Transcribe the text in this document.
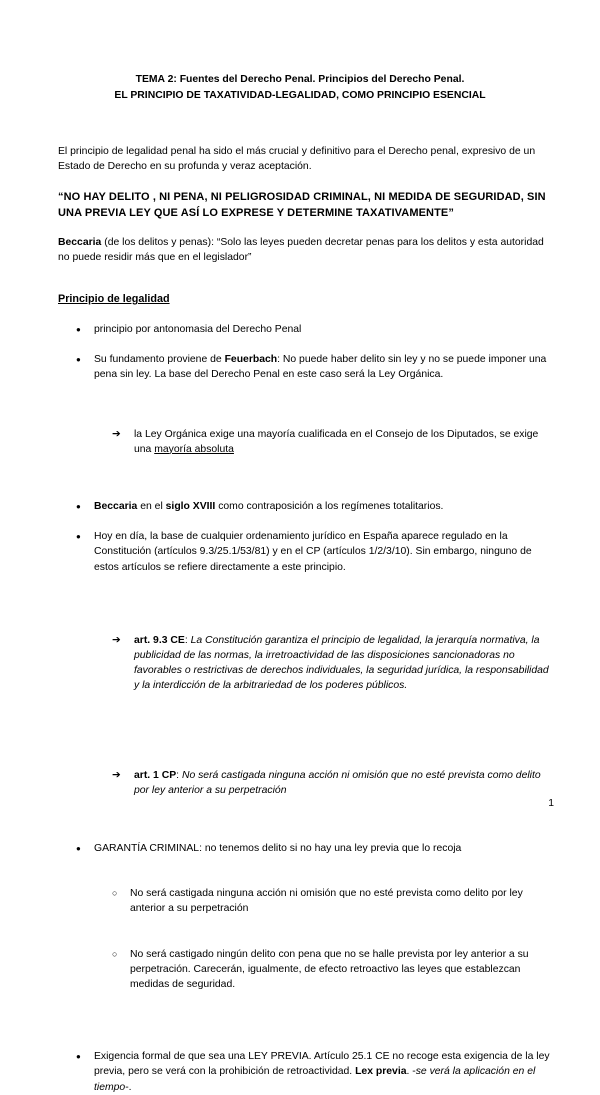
TEMA 2: Fuentes del Derecho Penal. Principios del Derecho Penal.
EL PRINCIPIO DE TAXATIVIDAD-LEGALIDAD, COMO PRINCIPIO ESENCIAL
El principio de legalidad penal ha sido el más crucial y definitivo para el Derecho penal, expresivo de un Estado de Derecho en su profunda y veraz aceptación.
“NO HAY DELITO , NI PENA, NI PELIGROSIDAD CRIMINAL, NI MEDIDA DE SEGURIDAD, SIN UNA PREVIA LEY QUE ASÍ LO EXPRESE Y DETERMINE TAXATIVAMENTE”
Beccaria (de los delitos y penas): “Solo las leyes pueden decretar penas para los delitos y esta autoridad no puede residir más que en el legislador”
Principio de legalidad
● principio por antonomasia del Derecho Penal
● Su fundamento proviene de Feuerbach: No puede haber delito sin ley y no se puede imponer una pena sin ley. La base del Derecho Penal en este caso será la Ley Orgánica.
➔ la Ley Orgánica exige una mayoría cualificada en el Consejo de los Diputados, se exige una mayoría absoluta
● Beccaria en el siglo XVIII como contraposición a los regímenes totalitarios.
● Hoy en día, la base de cualquier ordenamiento jurídico en España aparece regulado en la Constitución (artículos 9.3/25.1/53/81) y en el CP (artículos 1/2/3/10). Sin embargo, ninguno de estos artículos se refiere directamente a este principio.
➔ art. 9.3 CE: La Constitución garantiza el principio de legalidad, la jerarquía normativa, la publicidad de las normas, la irretroactividad de las disposiciones sancionadoras no favorables o restrictivas de derechos individuales, la seguridad jurídica, la responsabilidad y la interdicción de la arbitrariedad de los poderes públicos.
➔ art. 1 CP: No será castigada ninguna acción ni omisión que no esté prevista como delito por ley anterior a su perpetración
● GARANTÍA CRIMINAL: no tenemos delito si no hay una ley previa que lo recoja
○ No será castigada ninguna acción ni omisión que no esté prevista como delito por ley anterior a su perpetración
○ No será castigado ningún delito con pena que no se halle prevista por ley anterior a su perpetración. Carecerán, igualmente, de efecto retroactivo las leyes que establezcan medidas de seguridad.
● Exigencia formal de que sea una LEY PREVIA. Artículo 25.1 CE no recoge esta exigencia de la ley previa, pero se verá con la prohibición de retroactividad. Lex previa. -se verá la aplicación en el tiempo-.
1
